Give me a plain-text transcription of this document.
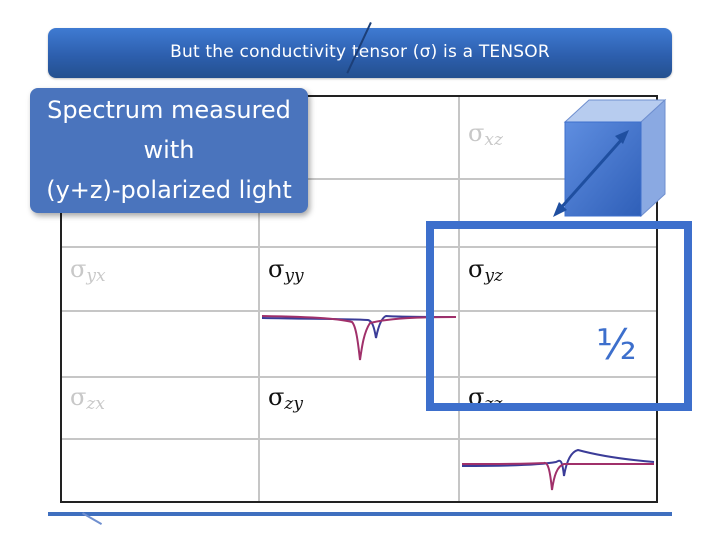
But the conductivity tensor (σ) is a TENSOR
$\sigma_{xz}$
$\sigma_{yx}$	$\sigma_{yy}$	$\sigma_{yz}$
$\sigma_{zx}$	$\sigma_{zy}$	$\sigma_{zz}$
Spectrum measured
with
(y+z)-polarized light
½
